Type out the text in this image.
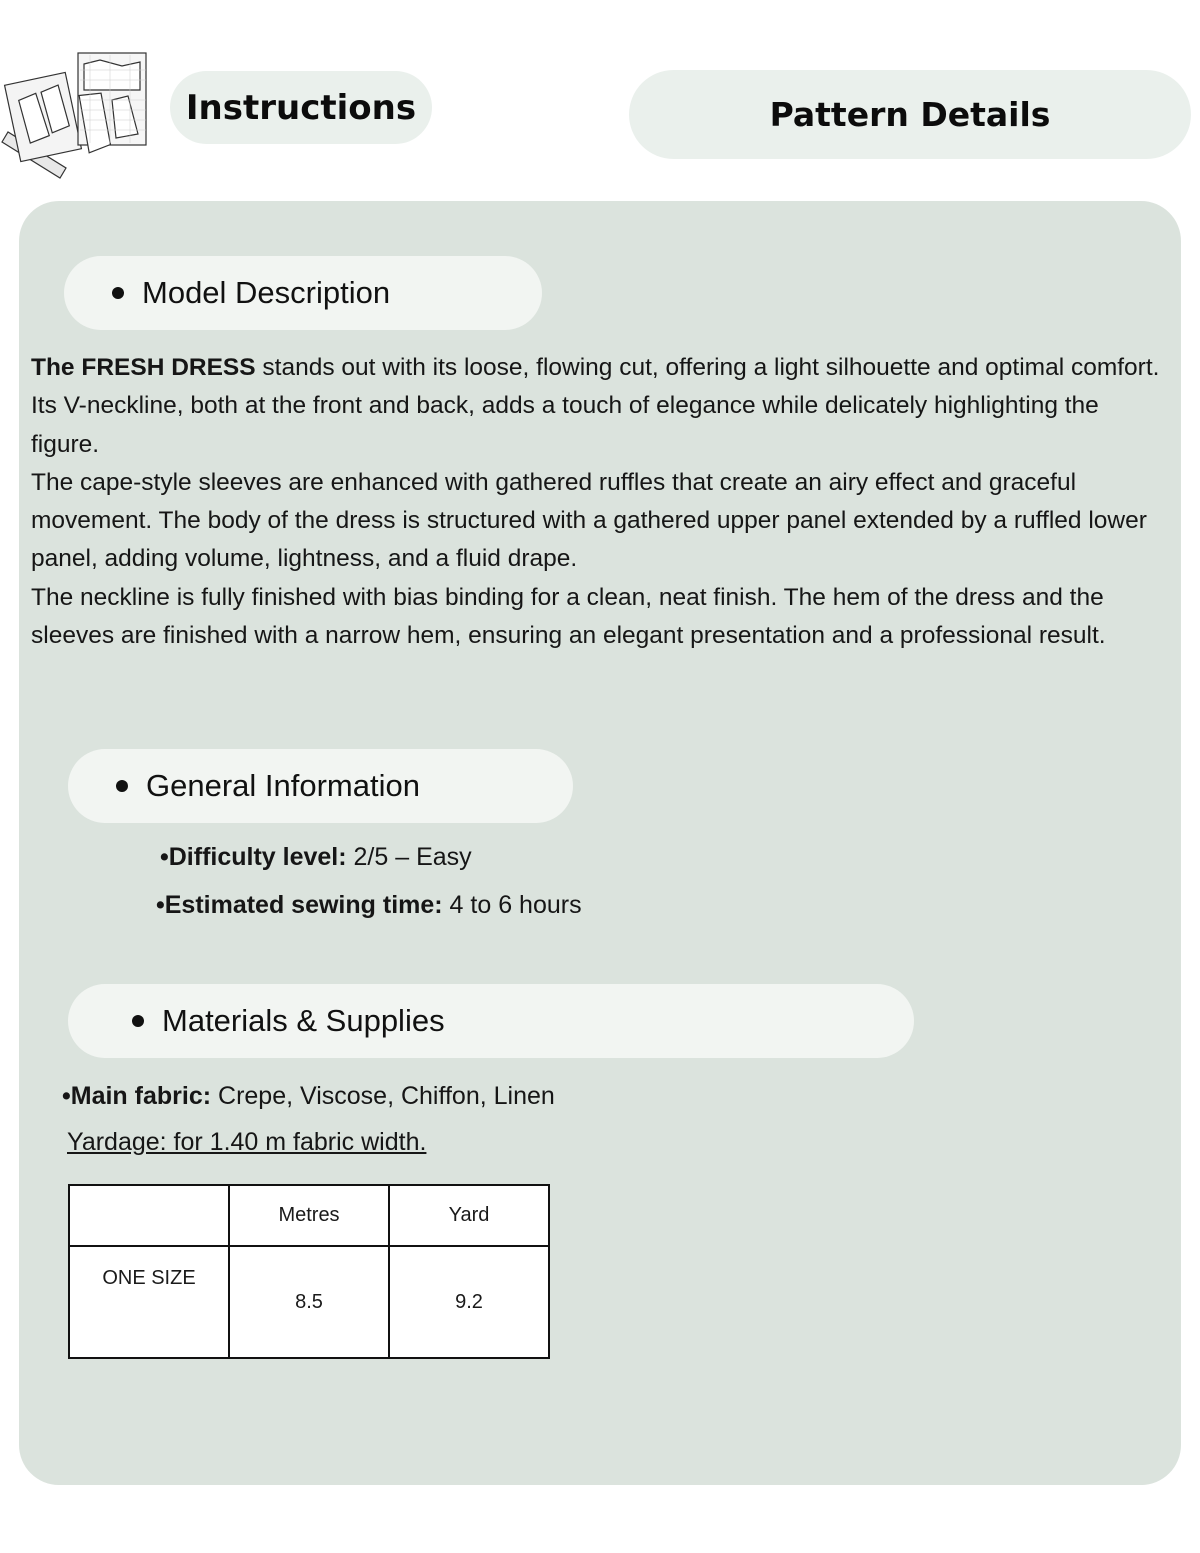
Instructions	Pattern Details
Model Description

The FRESH DRESS stands out with its loose, flowing cut, offering a light silhouette and optimal comfort. Its V-neckline, both at the front and back, adds a touch of elegance while delicately highlighting the figure.

The cape-style sleeves are enhanced with gathered ruffles that create an airy effect and graceful movement. The body of the dress is structured with a gathered upper panel extended by a ruffled lower panel, adding volume, lightness, and a fluid drape.

The neckline is fully finished with bias binding for a clean, neat finish. The hem of the dress and the sleeves are finished with a narrow hem, ensuring an elegant presentation and a professional result.

General Information
•Difficulty level: 2/5 – Easy
•Estimated sewing time: 4 to 6 hours
Materials & Supplies
•Main fabric: Crepe, Viscose, Chiffon, Linen
Yardage: for 1.40 m fabric width.
	Metres	Yard
ONE SIZE	8.5	9.2
